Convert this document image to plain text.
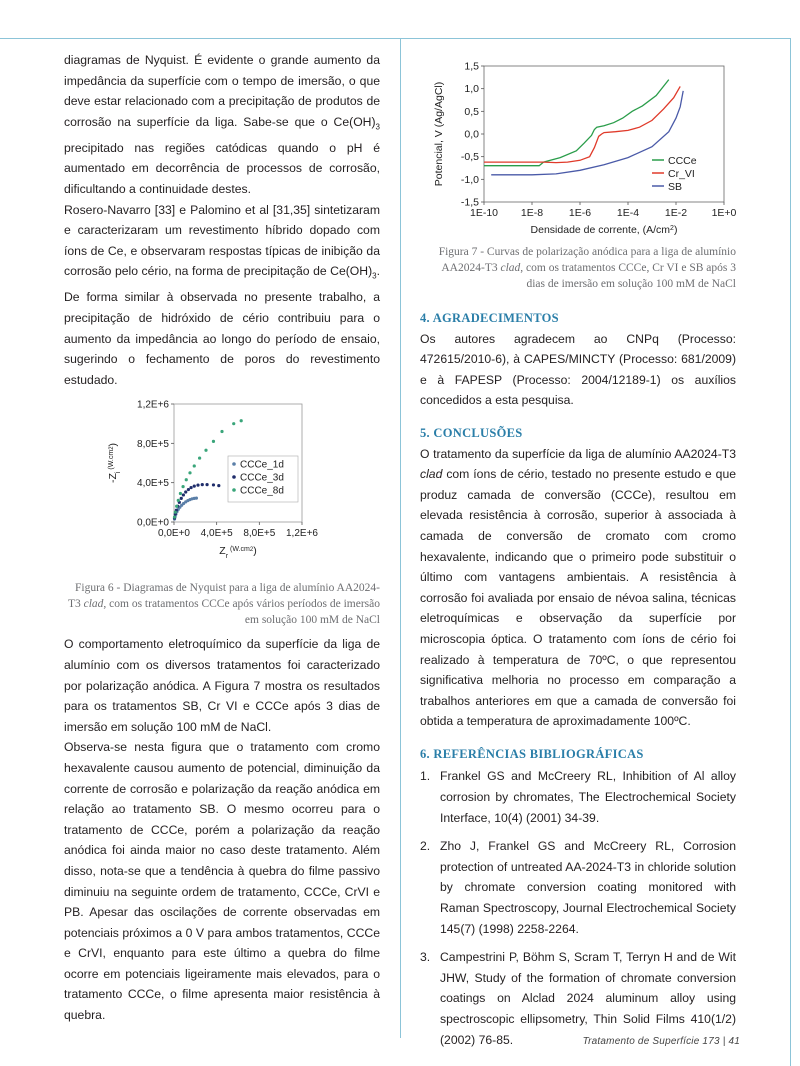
diagramas de Nyquist. É evidente o grande aumento da impedância da superfície com o tempo de imersão, o que deve estar relacionado com a precipitação de produtos de corrosão na superfície da liga. Sabe-se que o $Ce(OH)_3$ precipitado nas regiões catódicas quando o pH é aumentado em decorrência de processos de corrosão, dificultando a continuidade destes.

Rosero-Navarro [33] e Palomino et al [31,35] sintetizaram e caracterizaram um revestimento híbrido dopado com íons de Ce, e observaram respostas típicas de inibição da corrosão pelo cério, na forma de precipitação de $Ce(OH)_3$. De forma similar à observada no presente trabalho, a precipitação de hidróxido de cério contribuiu para o aumento da impedância ao longo do período de ensaio, sugerindo o fechamento de poros do revestimento estudado.

0,0E+0
4,0E+5
8,0E+5
1,2E+6
0,0E+0 4,0E+5 8,0E+5 1,2E+6
$Z_r$ $^{(W.cm2}$)
$-Z_i$ $^{(W.cm2}$)
CCCe_1d
CCCe_3d
CCCe_8d
Figura 6 - Diagramas de Nyquist para a liga de alumínio AA2024-T3 clad, com os tratamentos CCCe após vários períodos de imersão em solução 100 mM de NaCl

O comportamento eletroquímico da superfície da liga de alumínio com os diversos tratamentos foi caracterizado por polarização anódica. A Figura 7 mostra os resultados para os tratamentos SB, Cr VI e CCCe após 3 dias de imersão em solução 100 mM de NaCl.

Observa-se nesta figura que o tratamento com cromo hexavalente causou aumento de potencial, diminuição da corrente de corrosão e polarização da reação anódica em relação ao tratamento SB. O mesmo ocorreu para o tratamento de CCCe, porém a polarização da reação anódica foi ainda maior no caso deste tratamento. Além disso, nota-se que a tendência à quebra do filme passivo diminuiu na seguinte ordem de tratamento, CCCe, CrVI e PB. Apesar das oscilações de corrente observadas em potenciais próximos a 0 V para ambos tratamentos, CCCe e CrVI, enquanto para este último a quebra do filme ocorre em potenciais ligeiramente mais elevados, para o tratamento CCCe, o filme apresenta maior resistência à quebra.

1,5
1,0
0,5
0,0
-0,5
-1,0
-1,5
1E-10 1E-8 1E-6 1E-4 1E-2 1E+0
Densidade de corrente, $(A/cm^2)$
Potencial, V (Ag/AgCl)	CCCe
Cr_VI
SB
Figura 7 - Curvas de polarização anódica para a liga de alumínio AA2024-T3 clad, com os tratamentos CCCe, Cr VI e SB após 3 dias de imersão em solução 100 mM de NaCl
4. AGRADECIMENTOS

Os autores agradecem ao CNPq (Processo: 472615/2010-6), à CAPES/MINCTY (Processo: 681/2009) e à FAPESP (Processo: 2004/12189-1) os auxílios concedidos a esta pesquisa.

5. CONCLUSÕES

O tratamento da superfície da liga de alumínio AA2024-T3 clad com íons de cério, testado no presente estudo e que produz camada de conversão (CCCe), resultou em elevada resistência à corrosão, superior à associada à camada de conversão de cromato com cromo hexavalente, indicando que o primeiro pode substituir o último com vantagens ambientais. A resistência à corrosão foi avaliada por ensaio de névoa salina, técnicas eletroquímicas e observação da superfície por microscopia óptica. O tratamento com íons de cério foi realizado à temperatura de 70ºC, o que representou significativa melhoria no processo em comparação a trabalhos anteriores em que a camada de conversão foi obtida a temperatura de aproximadamente 100ºC.

6. REFERÊNCIAS BIBLIOGRÁFICAS
1. Frankel GS and McCreery RL, Inhibition of Al alloy corrosion by chromates, The Electrochemical Society Interface, 10(4) (2001) 34-39.
2. Zho J, Frankel GS and McCreery RL, Corrosion protection of untreated AA-2024-T3 in chloride solution by chromate conversion coating monitored with Raman Spectroscopy, Journal Electrochemical Society 145(7) (1998) 2258-2264.
3. Campestrini P, Böhm S, Scram T, Terryn H and de Wit JHW, Study of the formation of chromate conversion coatings on Alclad 2024 aluminum alloy using spectroscopic ellipsometry, Thin Solid Films 410(1/2) (2002) 76-85.	Tratamento de Superfície 173 | 41
